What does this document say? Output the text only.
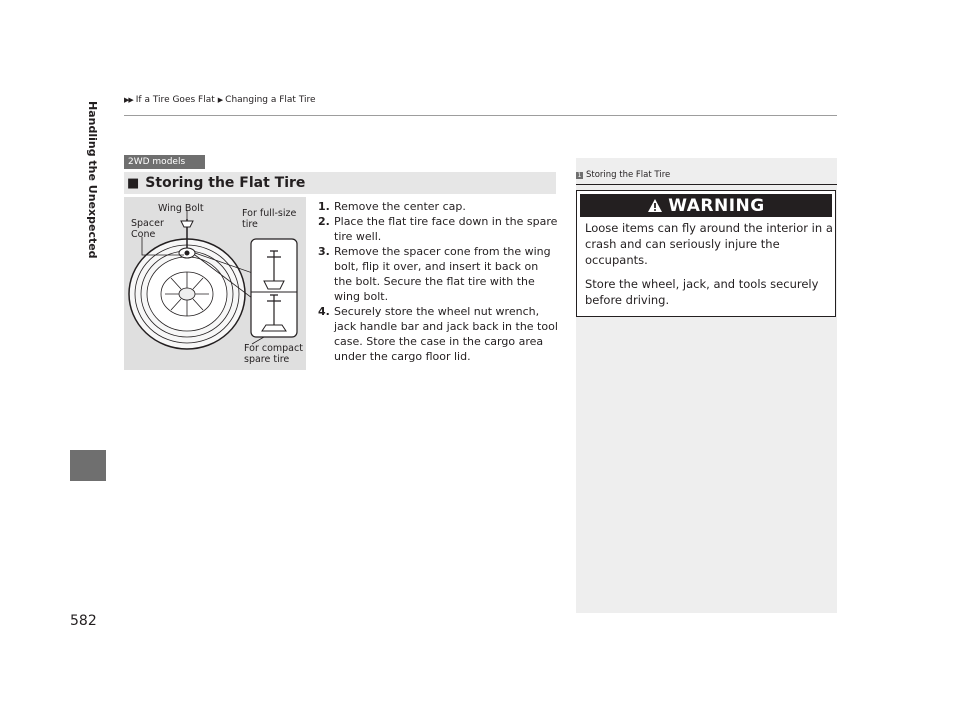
▶▶ If a Tire Goes Flat ▶ Changing a Flat Tire
Handling the Unexpected
582
2WD models
■ Storing the Flat Tire
Wing Bolt
Spacer Cone
For full-size tire
For compact spare tire
1. Remove the center cap.
2. Place the flat tire face down in the spare tire well.
3. Remove the spacer cone from the wing bolt, flip it over, and insert it back on the bolt. Secure the flat tire with the wing bolt.
4. Securely store the wheel nut wrench, jack handle bar and jack back in the tool case. Store the case in the cargo area under the cargo floor lid.
1 Storing the Flat Tire
WARNING

Loose items can fly around the interior in a crash and can seriously injure the occupants.

Store the wheel, jack, and tools securely before driving.
